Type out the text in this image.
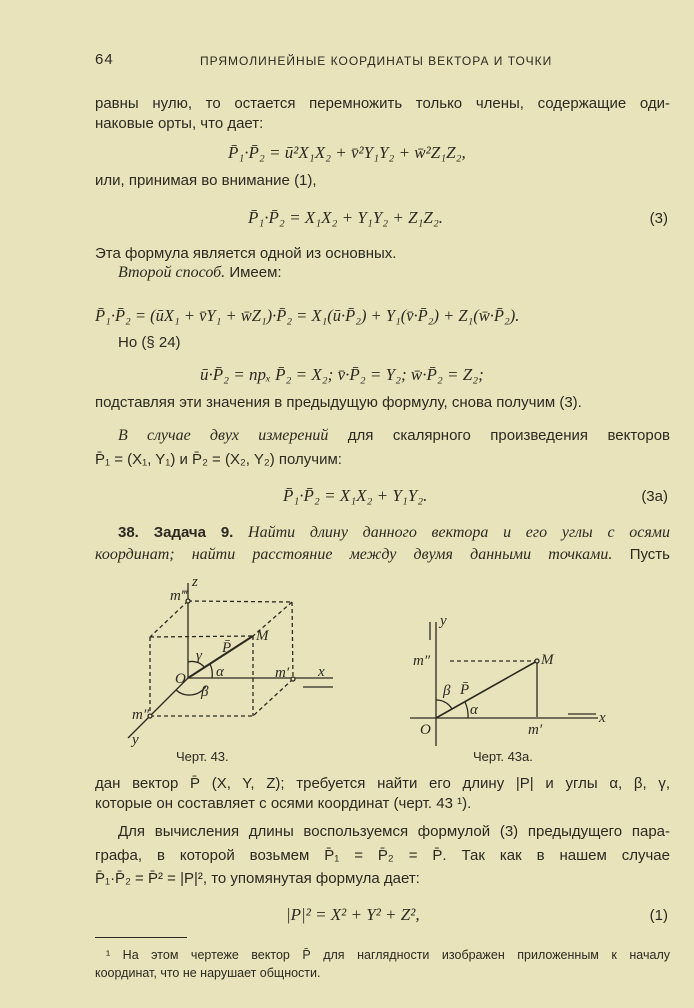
64	ПРЯМОЛИНЕЙНЫЕ КООРДИНАТЫ ВЕКТОРА И ТОЧКИ
равны нулю, то остается перемножить только члены, содержащие оди-
наковые орты, что дает:
P̄₁·P̄₂ = ū²X₁X₂ + v̄²Y₁Y₂ + w̄²Z₁Z₂,
или, принимая во внимание (1),
P̄₁·P̄₂ = X₁X₂ + Y₁Y₂ + Z₁Z₂.	(3)
Эта формула является одной из основных.
Второй способ. Имеем:
P̄₁·P̄₂ = (ūX₁ + v̄Y₁ + w̄Z₁)·P̄₂ = X₁(ū·P̄₂) + Y₁(v̄·P̄₂) + Z₁(w̄·P̄₂).
Но (§ 24)
ū·P̄₂ = прₓ P̄₂ = X₂; v̄·P̄₂ = Y₂; w̄·P̄₂ = Z₂;
подставляя эти значения в предыдущую формулу, снова получим (3).
В случае двух измерений для скалярного произведения векторов
P̄₁ = (X₁, Y₁) и P̄₂ = (X₂, Y₂) получим:
P̄₁·P̄₂ = X₁X₂ + Y₁Y₂.	(3а)
38. Задача 9. Найти длину данного вектора и его углы с осями
координат; найти расстояние между двумя данными точками. Пусть
z
m‴
M
P̄
γ
α
O
β
m′ x
m″
y
y
m″	M
β P̄
α
O	m′
x
Черт. 43.	Черт. 43а.
дан вектор P̄ (X, Y, Z); требуется найти его длину |P| и углы α, β, γ,
которые он составляет с осями координат (черт. 43 ¹).
Для вычисления длины воспользуемся формулой (3) предыдущего пара-
графа, в которой возьмем P̄₁ = P̄₂ = P̄. Так как в нашем случае
P̄₁·P̄₂ = P̄² = |P|², то упомянутая формула дает:
|P|² = X² + Y² + Z²,	(1)
¹ На этом чертеже вектор P̄ для наглядности изображен приложенным к началу
координат, что не нарушает общности.
